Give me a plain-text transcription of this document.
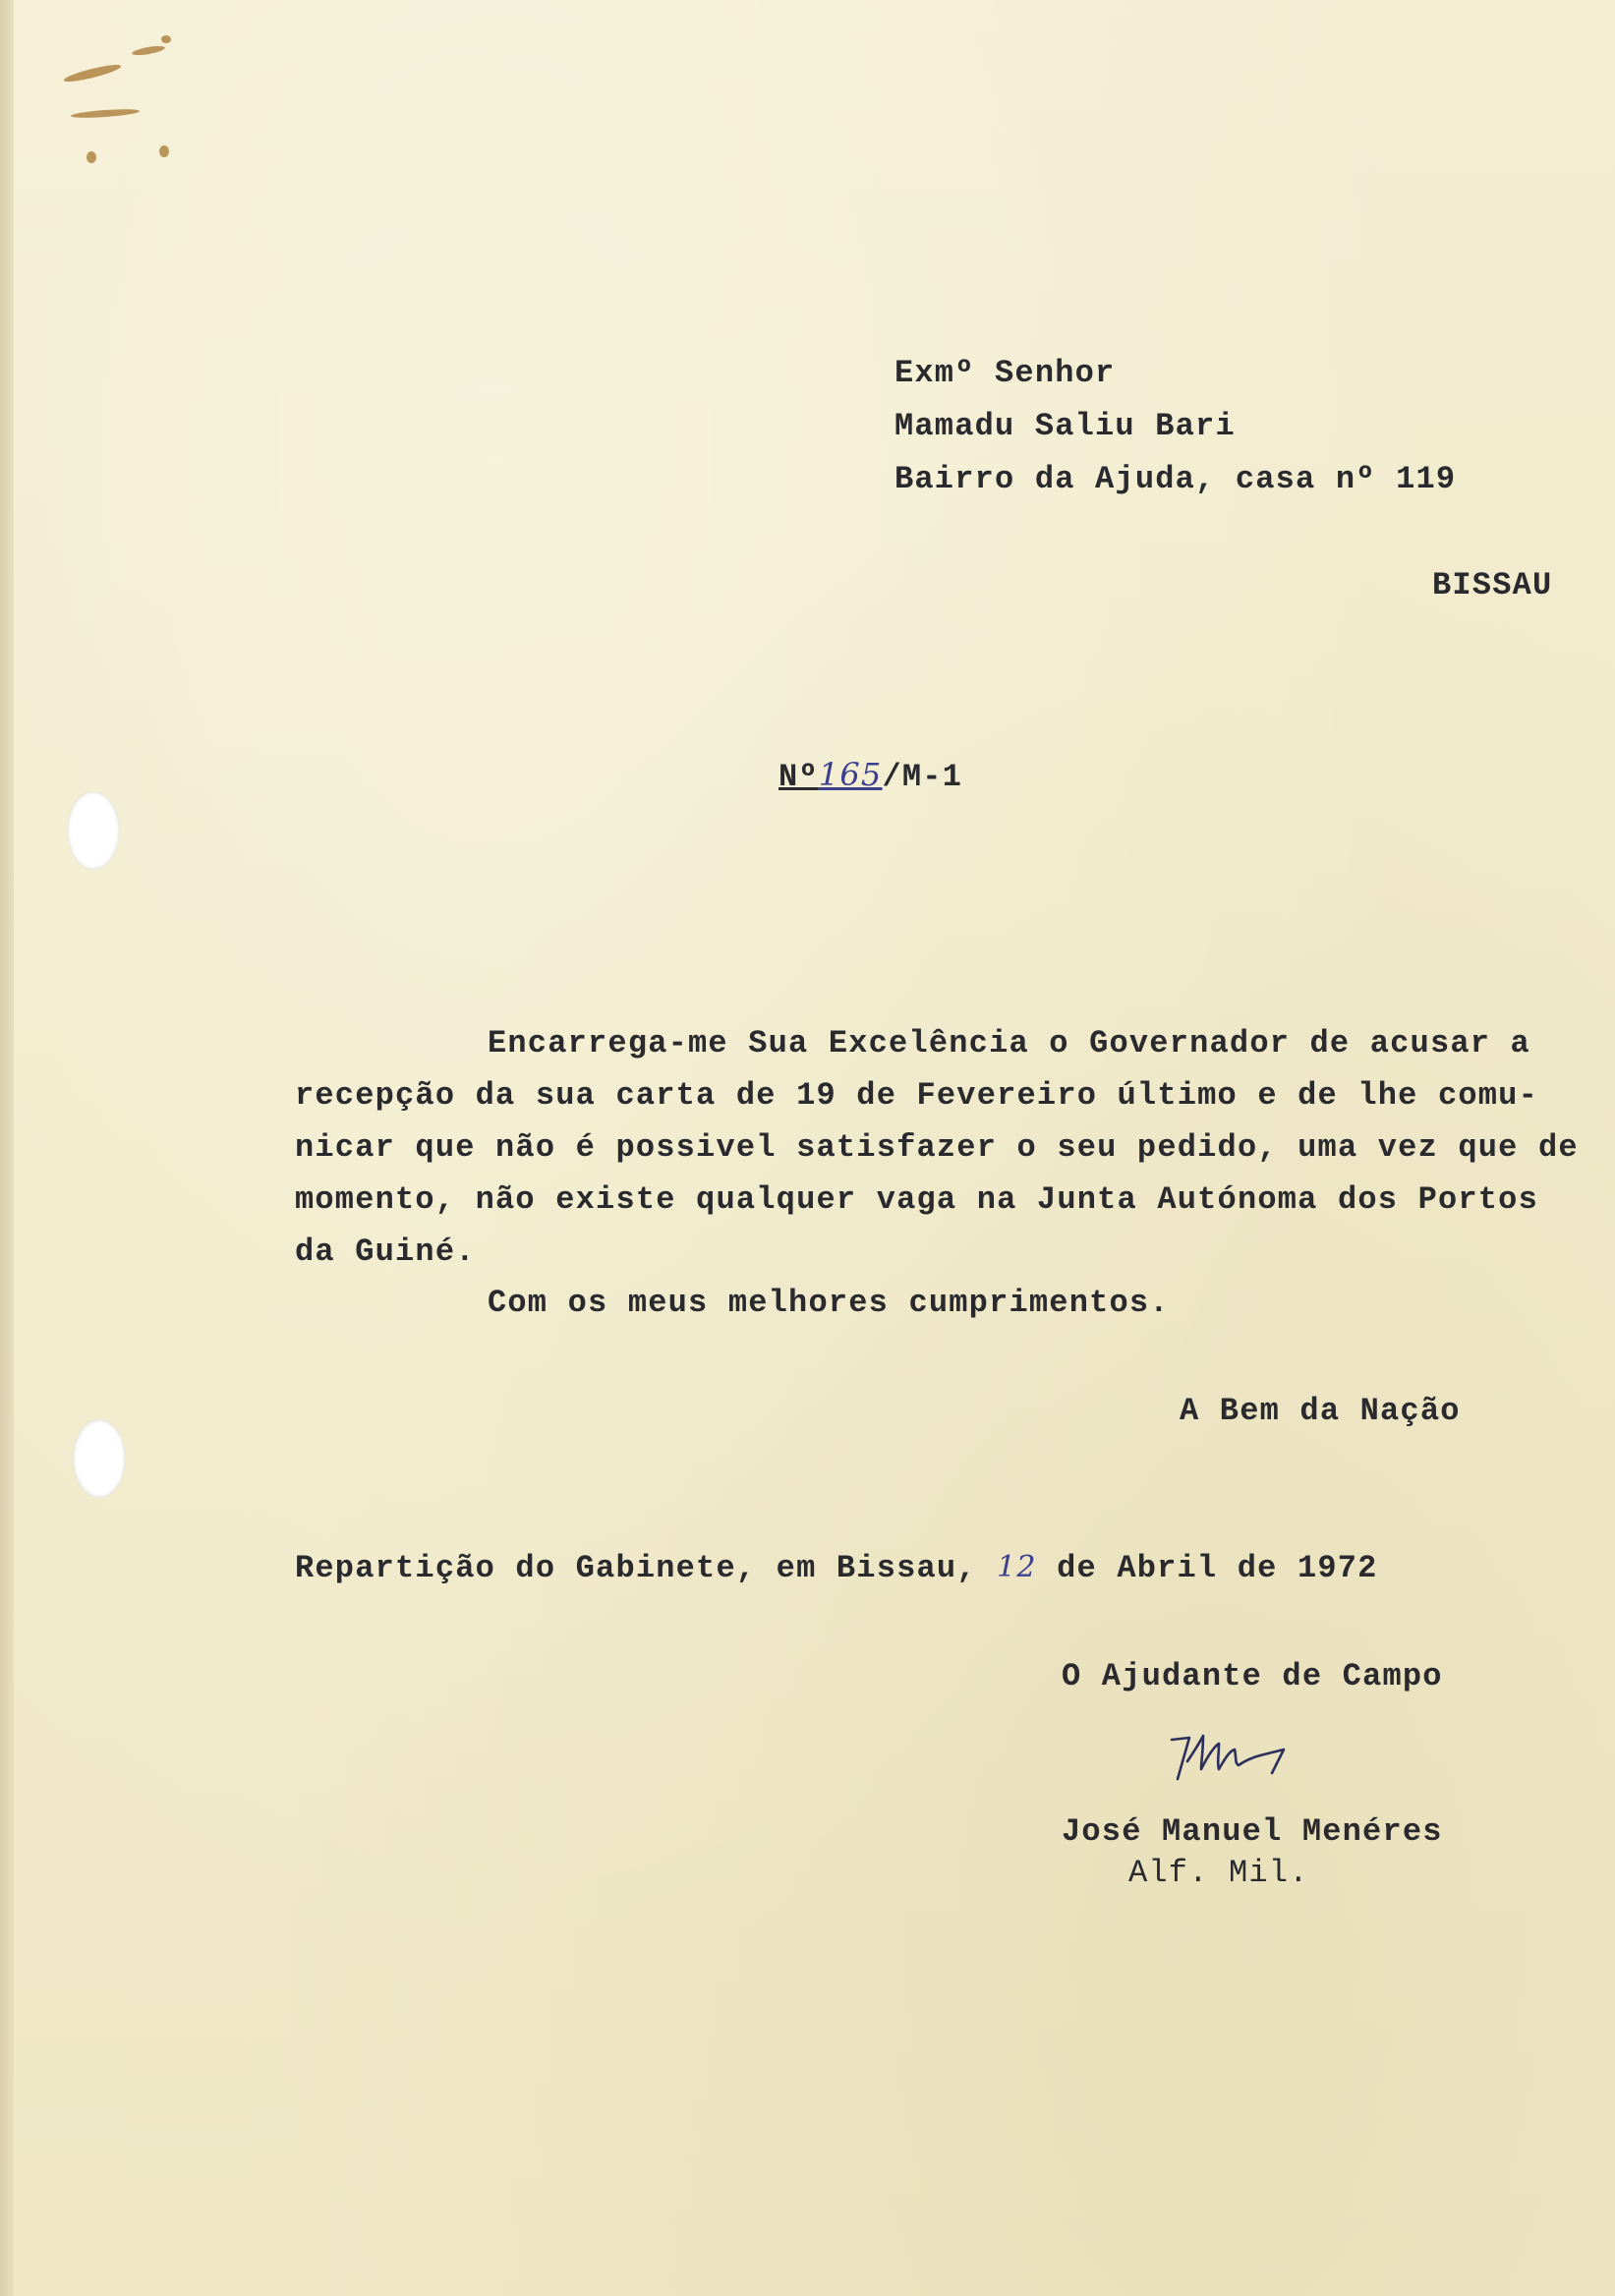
Exmº Senhor
Mamadu Saliu Bari
Bairro da Ajuda, casa nº 119
BISSAU
Nº165/M-1
Encarrega-me Sua Excelência o Governador de acusar a
recepção da sua carta de 19 de Fevereiro último e de lhe comu-
nicar que não é possivel satisfazer o seu pedido, uma vez que de
momento, não existe qualquer vaga na Junta Autónoma dos Portos
da Guiné.
Com os meus melhores cumprimentos.
A Bem da Nação
Repartição do Gabinete, em Bissau, 12 de Abril de 1972
O Ajudante de Campo
José Manuel Menéres
Alf. Mil.
